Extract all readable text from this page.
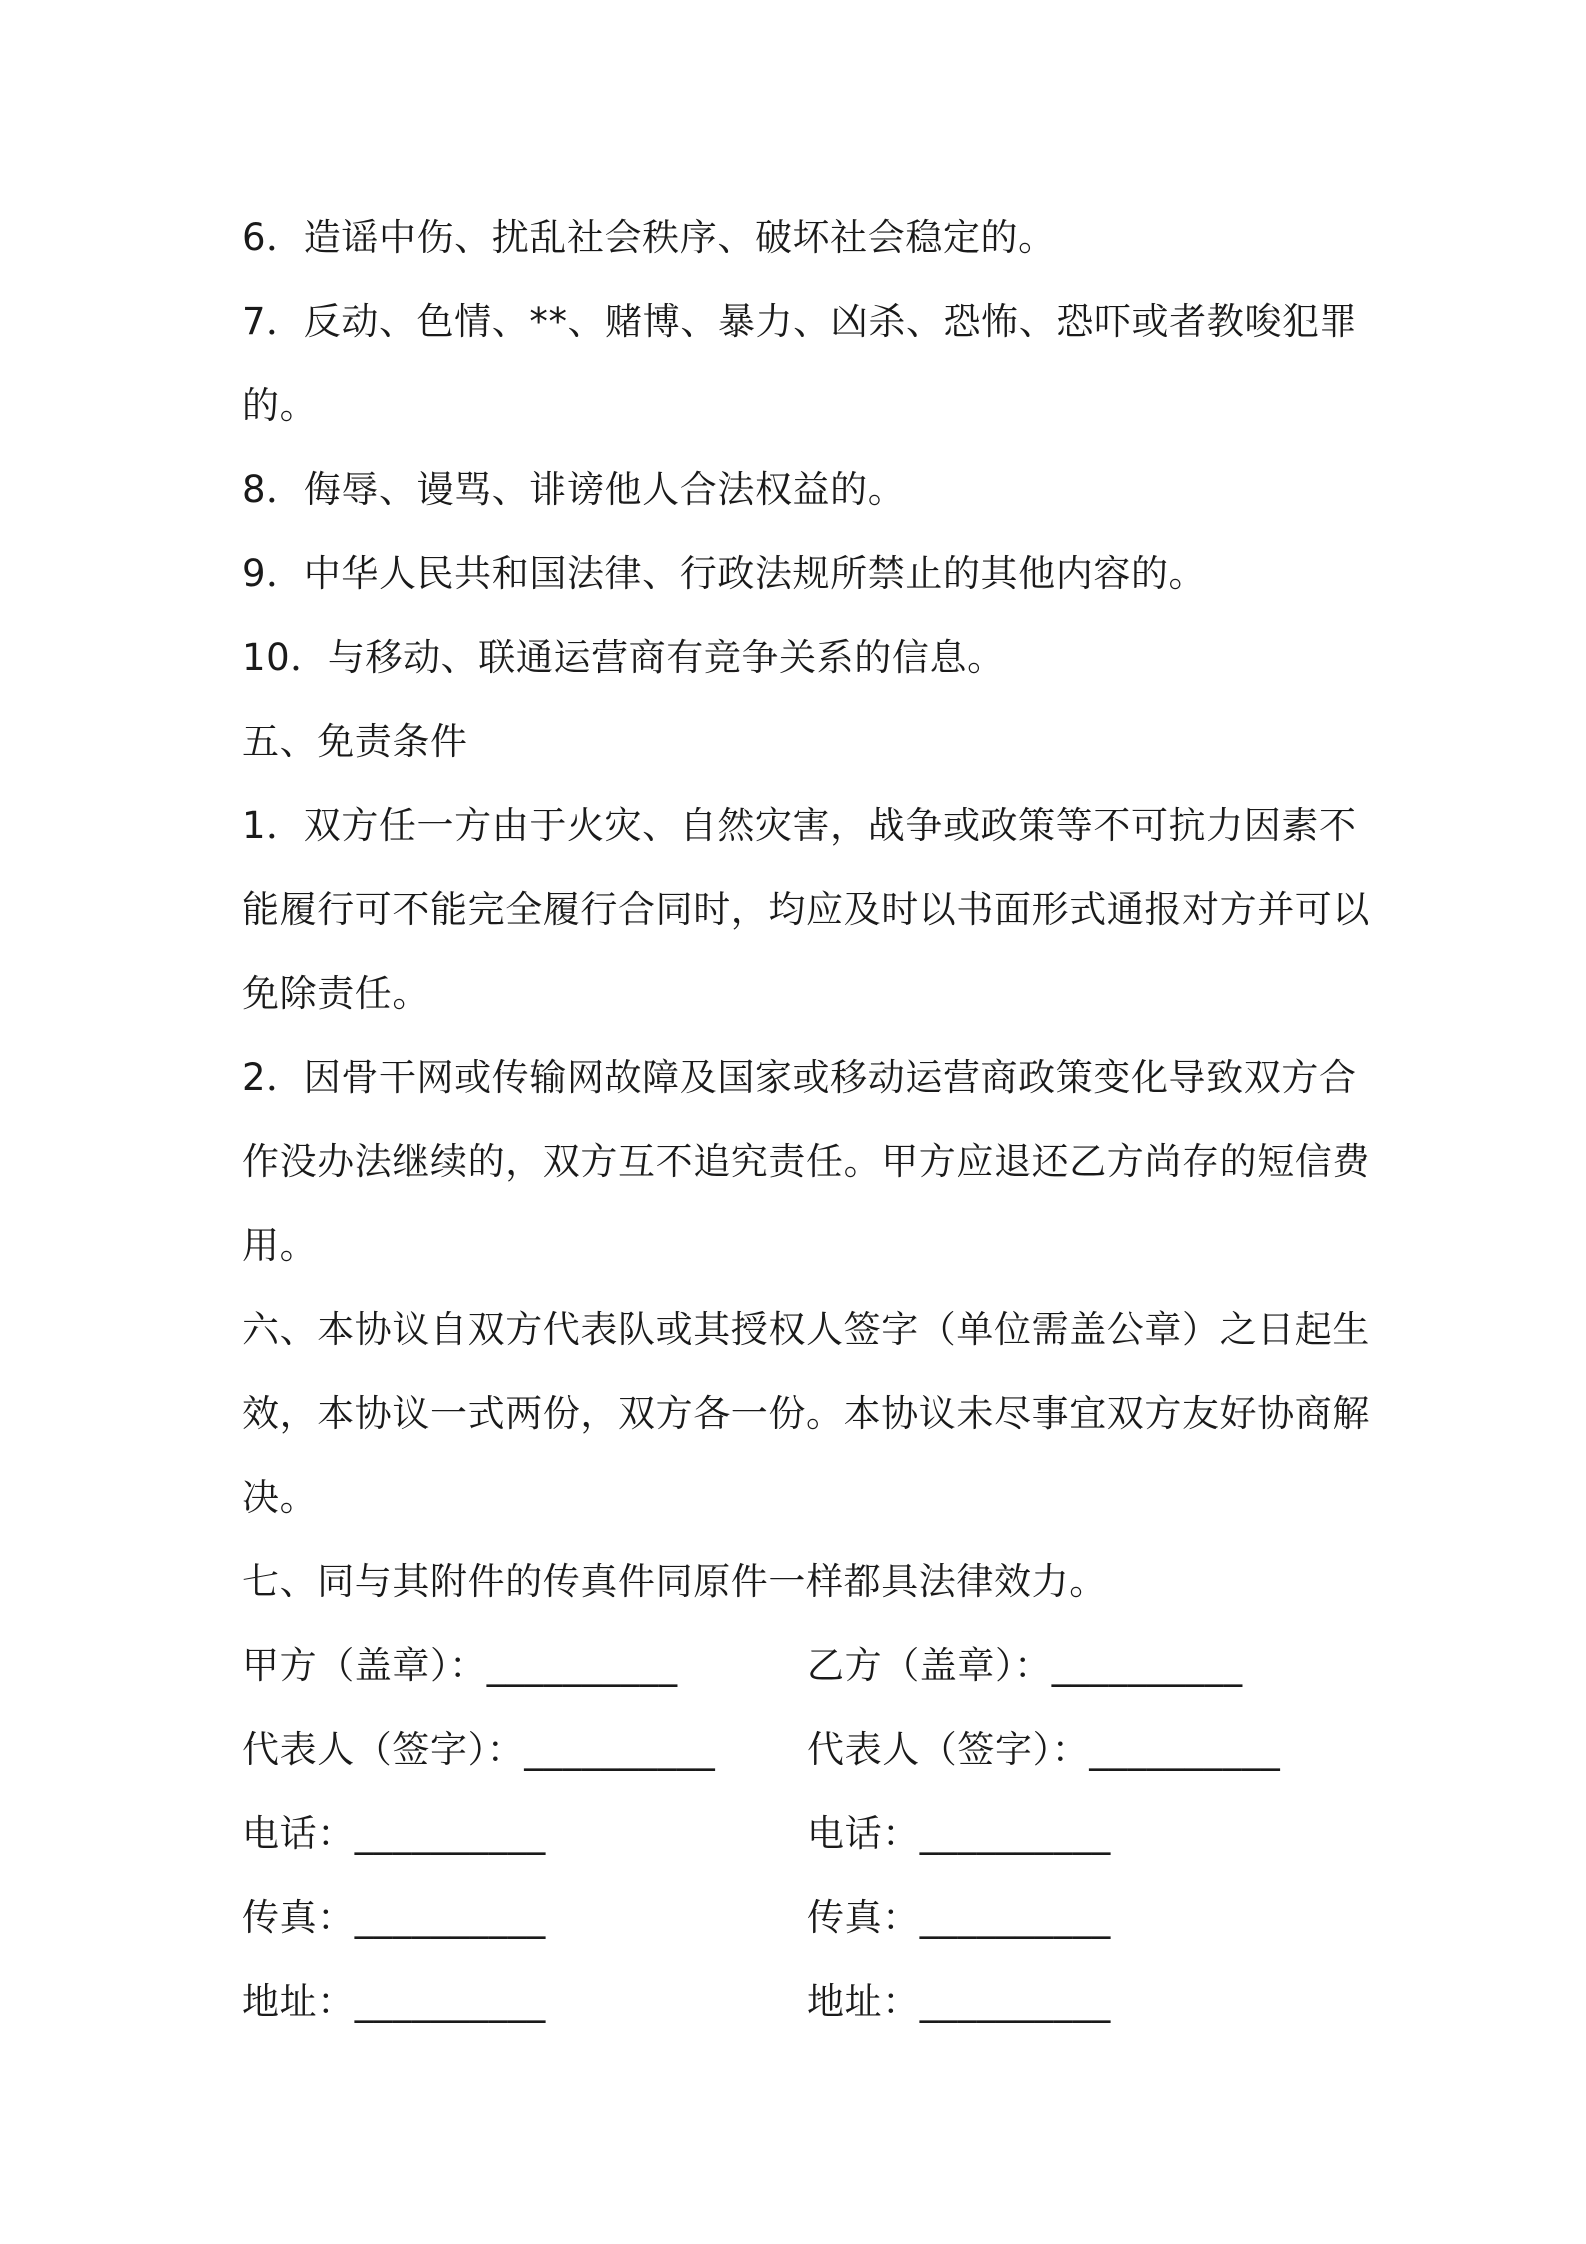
6．造谣中伤、扰乱社会秩序、破坏社会稳定的。
7．反动、色情、**、赌博、暴力、凶杀、恐怖、恐吓或者教唆犯罪
的。
8．侮辱、谩骂、诽谤他人合法权益的。
9．中华人民共和国法律、行政法规所禁止的其他内容的。
10．与移动、联通运营商有竞争关系的信息。
五、免责条件
1．双方任一方由于火灾、自然灾害，战争或政策等不可抗力因素不
能履行可不能完全履行合同时，均应及时以书面形式通报对方并可以
免除责任。
2．因骨干网或传输网故障及国家或移动运营商政策变化导致双方合
作没办法继续的，双方互不追究责任。甲方应退还乙方尚存的短信费
用。
六、本协议自双方代表队或其授权人签字（单位需盖公章）之日起生
效，本协议一式两份，双方各一份。本协议未尽事宜双方友好协商解
决。
七、同与其附件的传真件同原件一样都具法律效力。
甲方（盖章）：__________	乙方（盖章）：__________
代表人（签字）：__________ 代表人（签字）：__________
电话：__________	电话：__________
传真：__________	传真：__________
地址：__________	地址：__________
